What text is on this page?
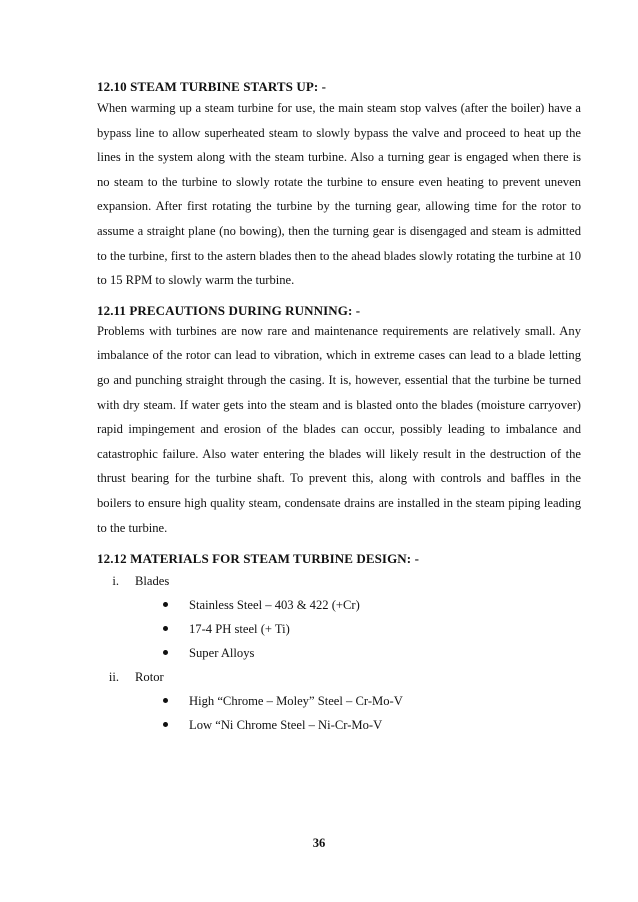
12.10 STEAM TURBINE STARTS UP: -

When warming up a steam turbine for use, the main steam stop valves (after the boiler) have a bypass line to allow superheated steam to slowly bypass the valve and proceed to heat up the lines in the system along with the steam turbine. Also a turning gear is engaged when there is no steam to the turbine to slowly rotate the turbine to ensure even heating to prevent uneven expansion. After first rotating the turbine by the turning gear, allowing time for the rotor to assume a straight plane (no bowing), then the turning gear is disengaged and steam is admitted to the turbine, first to the astern blades then to the ahead blades slowly rotating the turbine at 10 to 15 RPM to slowly warm the turbine.

12.11 PRECAUTIONS DURING RUNNING: -

Problems with turbines are now rare and maintenance requirements are relatively small. Any imbalance of the rotor can lead to vibration, which in extreme cases can lead to a blade letting go and punching straight through the casing. It is, however, essential that the turbine be turned with dry steam. If water gets into the steam and is blasted onto the blades (moisture carryover) rapid impingement and erosion of the blades can occur, possibly leading to imbalance and catastrophic failure. Also water entering the blades will likely result in the destruction of the thrust bearing for the turbine shaft. To prevent this, along with controls and baffles in the boilers to ensure high quality steam, condensate drains are installed in the steam piping leading to the turbine.

12.12 MATERIALS FOR STEAM TURBINE DESIGN: -
i. Blades
Stainless Steel – 403 & 422 (+Cr)
17-4 PH steel (+ Ti)
Super Alloys
ii. Rotor
High “Chrome – Moley” Steel – Cr-Mo-V
Low “Ni Chrome Steel – Ni-Cr-Mo-V
36
